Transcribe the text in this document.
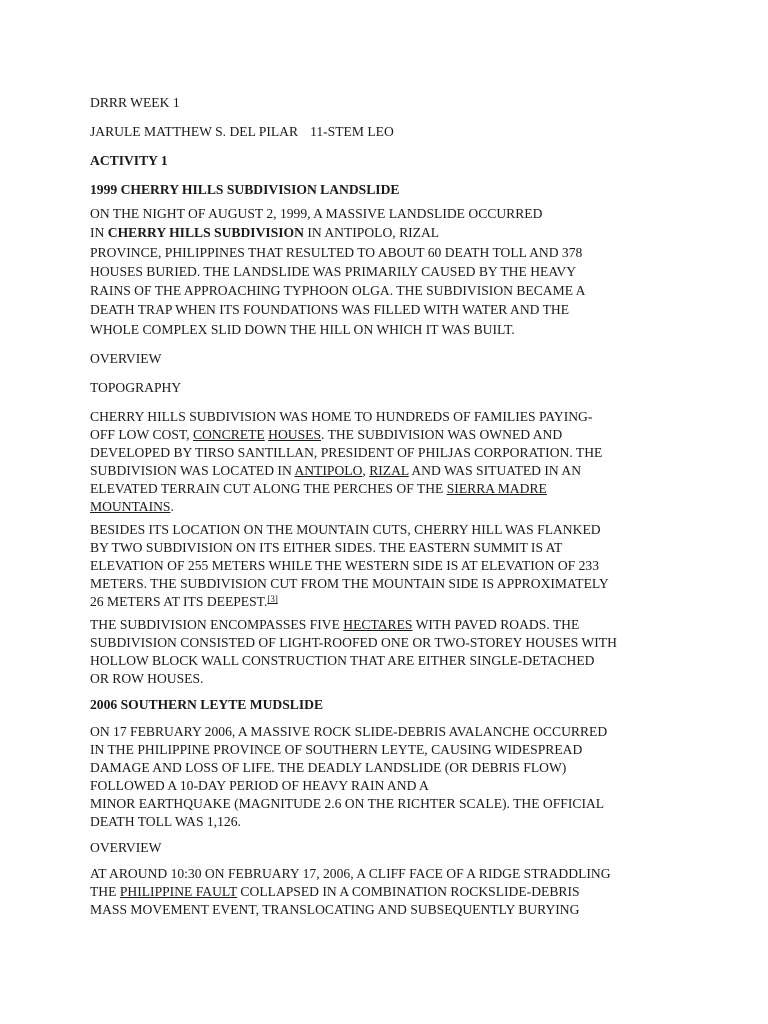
DRRR WEEK 1

JARULE MATTHEW S. DEL PILAR 11-STEM LEO

ACTIVITY 1

1999 CHERRY HILLS SUBDIVISION LANDSLIDE

ON THE NIGHT OF AUGUST 2, 1999, A MASSIVE LANDSLIDE OCCURRED
IN CHERRY HILLS SUBDIVISION IN ANTIPOLO, RIZAL
PROVINCE, PHILIPPINES THAT RESULTED TO ABOUT 60 DEATH TOLL AND 378
HOUSES BURIED. THE LANDSLIDE WAS PRIMARILY CAUSED BY THE HEAVY
RAINS OF THE APPROACHING TYPHOON OLGA. THE SUBDIVISION BECAME A
DEATH TRAP WHEN ITS FOUNDATIONS WAS FILLED WITH WATER AND THE
WHOLE COMPLEX SLID DOWN THE HILL ON WHICH IT WAS BUILT.

OVERVIEW

TOPOGRAPHY

CHERRY HILLS SUBDIVISION WAS HOME TO HUNDREDS OF FAMILIES PAYING-
OFF LOW COST, CONCRETE HOUSES. THE SUBDIVISION WAS OWNED AND
DEVELOPED BY TIRSO SANTILLAN, PRESIDENT OF PHILJAS CORPORATION. THE
SUBDIVISION WAS LOCATED IN ANTIPOLO, RIZAL AND WAS SITUATED IN AN
ELEVATED TERRAIN CUT ALONG THE PERCHES OF THE SIERRA MADRE
MOUNTAINS.

BESIDES ITS LOCATION ON THE MOUNTAIN CUTS, CHERRY HILL WAS FLANKED
BY TWO SUBDIVISION ON ITS EITHER SIDES. THE EASTERN SUMMIT IS AT
ELEVATION OF 255 METERS WHILE THE WESTERN SIDE IS AT ELEVATION OF 233
METERS. THE SUBDIVISION CUT FROM THE MOUNTAIN SIDE IS APPROXIMATELY
26 METERS AT ITS DEEPEST.[3]

THE SUBDIVISION ENCOMPASSES FIVE HECTARES WITH PAVED ROADS. THE
SUBDIVISION CONSISTED OF LIGHT-ROOFED ONE OR TWO-STOREY HOUSES WITH
HOLLOW BLOCK WALL CONSTRUCTION THAT ARE EITHER SINGLE-DETACHED
OR ROW HOUSES.

2006 SOUTHERN LEYTE MUDSLIDE

ON 17 FEBRUARY 2006, A MASSIVE ROCK SLIDE-DEBRIS AVALANCHE OCCURRED
IN THE PHILIPPINE PROVINCE OF SOUTHERN LEYTE, CAUSING WIDESPREAD
DAMAGE AND LOSS OF LIFE. THE DEADLY LANDSLIDE (OR DEBRIS FLOW)
FOLLOWED A 10-DAY PERIOD OF HEAVY RAIN AND A
MINOR EARTHQUAKE (MAGNITUDE 2.6 ON THE RICHTER SCALE). THE OFFICIAL
DEATH TOLL WAS 1,126.

OVERVIEW

AT AROUND 10:30 ON FEBRUARY 17, 2006, A CLIFF FACE OF A RIDGE STRADDLING
THE PHILIPPINE FAULT COLLAPSED IN A COMBINATION ROCKSLIDE-DEBRIS
MASS MOVEMENT EVENT, TRANSLOCATING AND SUBSEQUENTLY BURYING
